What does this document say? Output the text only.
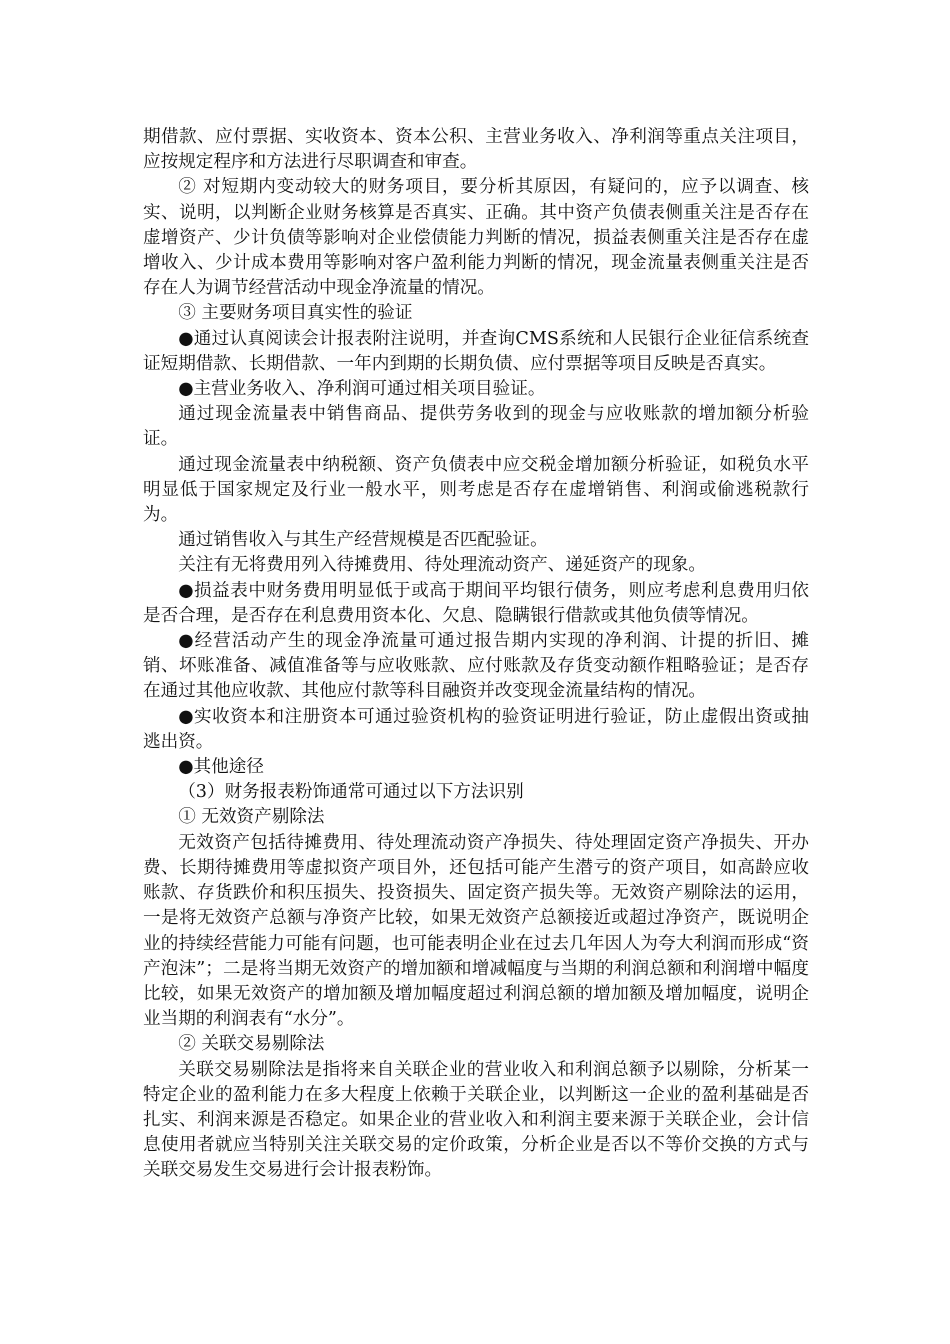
期借款、应付票据、实收资本、资本公积、主营业务收入、净利润等重点关注项目，应按规定程序和方法进行尽职调查和审查。

② 对短期内变动较大的财务项目，要分析其原因，有疑问的，应予以调查、核实、说明，以判断企业财务核算是否真实、正确。其中资产负债表侧重关注是否存在虚增资产、少计负债等影响对企业偿债能力判断的情况，损益表侧重关注是否存在虚增收入、少计成本费用等影响对客户盈利能力判断的情况，现金流量表侧重关注是否存在人为调节经营活动中现金净流量的情况。

③ 主要财务项目真实性的验证

●通过认真阅读会计报表附注说明，并查询CMS系统和人民银行企业征信系统查证短期借款、长期借款、一年内到期的长期负债、应付票据等项目反映是否真实。

●主营业务收入、净利润可通过相关项目验证。

通过现金流量表中销售商品、提供劳务收到的现金与应收账款的增加额分析验证。

通过现金流量表中纳税额、资产负债表中应交税金增加额分析验证，如税负水平明显低于国家规定及行业一般水平，则考虑是否存在虚增销售、利润或偷逃税款行为。

通过销售收入与其生产经营规模是否匹配验证。

关注有无将费用列入待摊费用、待处理流动资产、递延资产的现象。

●损益表中财务费用明显低于或高于期间平均银行债务，则应考虑利息费用归依是否合理，是否存在利息费用资本化、欠息、隐瞒银行借款或其他负债等情况。

●经营活动产生的现金净流量可通过报告期内实现的净利润、计提的折旧、摊销、坏账准备、减值准备等与应收账款、应付账款及存货变动额作粗略验证；是否存在通过其他应收款、其他应付款等科目融资并改变现金流量结构的情况。

●实收资本和注册资本可通过验资机构的验资证明进行验证，防止虚假出资或抽逃出资。

●其他途径

（3）财务报表粉饰通常可通过以下方法识别

① 无效资产剔除法

无效资产包括待摊费用、待处理流动资产净损失、待处理固定资产净损失、开办费、长期待摊费用等虚拟资产项目外，还包括可能产生潜亏的资产项目，如高龄应收账款、存货跌价和积压损失、投资损失、固定资产损失等。无效资产剔除法的运用，一是将无效资产总额与净资产比较，如果无效资产总额接近或超过净资产，既说明企业的持续经营能力可能有问题，也可能表明企业在过去几年因人为夸大利润而形成“资产泡沫”；二是将当期无效资产的增加额和增减幅度与当期的利润总额和利润增中幅度比较，如果无效资产的增加额及增加幅度超过利润总额的增加额及增加幅度，说明企业当期的利润表有“水分”。

② 关联交易剔除法

关联交易剔除法是指将来自关联企业的营业收入和利润总额予以剔除，分析某一特定企业的盈利能力在多大程度上依赖于关联企业，以判断这一企业的盈利基础是否扎实、利润来源是否稳定。如果企业的营业收入和利润主要来源于关联企业，会计信息使用者就应当特别关注关联交易的定价政策，分析企业是否以不等价交换的方式与关联交易发生交易进行会计报表粉饰。
